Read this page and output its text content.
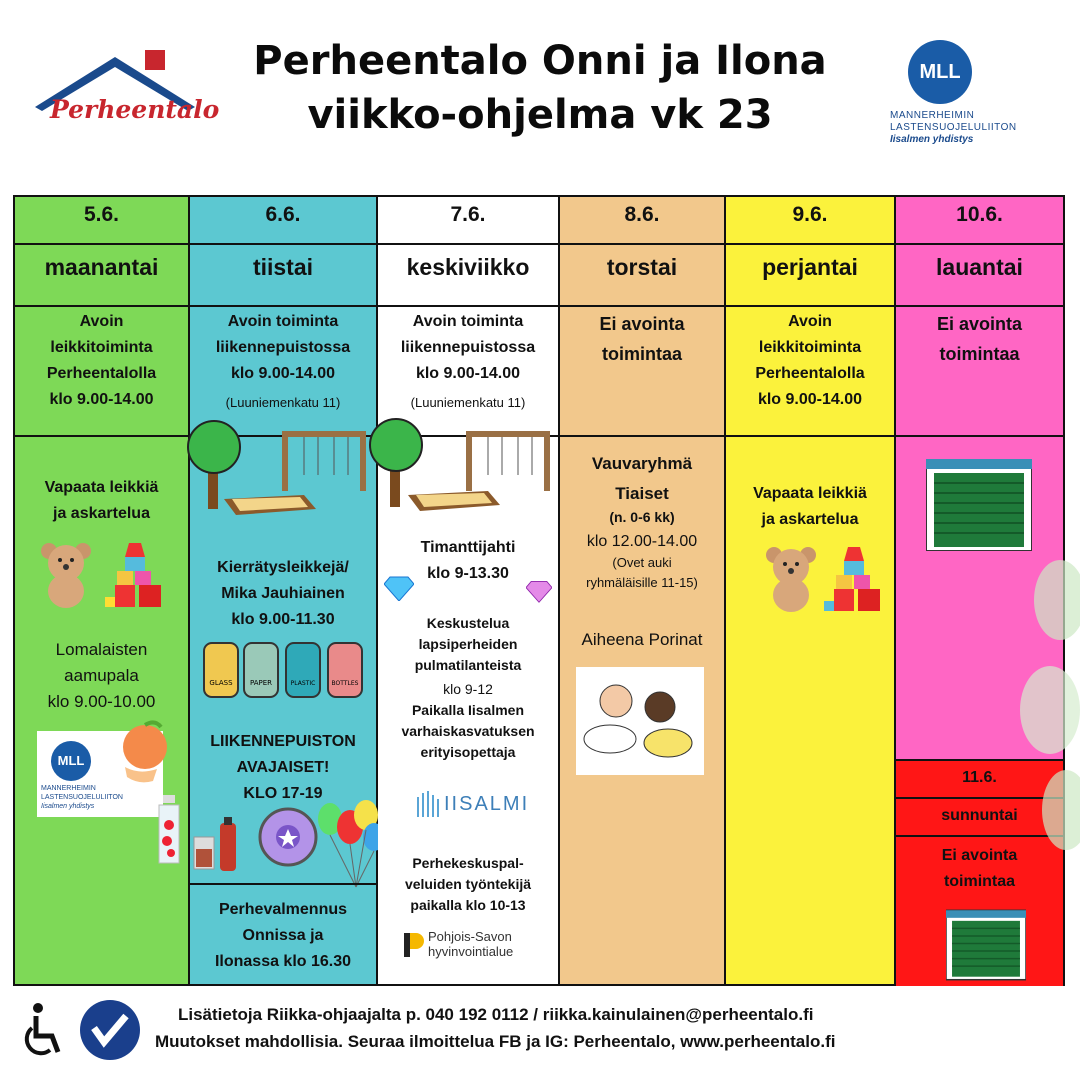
Perheentalo
Perheentalo Onni ja Ilona
viikko-ohjelma vk 23
MLL
MANNERHEIMIN
LASTENSUOJELULIITON
Iisalmen yhdistys
5.6.
maanantai
Avoin
leikkitoiminta
Perheentalolla
klo 9.00-14.00
Vapaata leikkiä
ja askartelua
Lomalaisten
aamupala
klo 9.00-10.00
MLL
MANNERHEIMIN
LASTENSUOJELULIITON
Iisalmen yhdistys
6.6.
tiistai
Avoin toiminta
liikennepuistossa
klo 9.00-14.00
(Luuniemenkatu 11)
Kierrätysleikkejä/
Mika Jauhiainen
klo 9.00-11.30
GLASS PAPER	PLASTIC	BOTTLES
LIIKENNEPUISTON
AVAJAISET!
KLO 17-19
Perhevalmennus
Onnissa ja
Ilonassa klo 16.30
7.6.
keskiviikko
Avoin toiminta
liikennepuistossa
klo 9.00-14.00
(Luuniemenkatu 11)
Timanttijahti
klo 9-13.30
Keskustelua
lapsiperheiden
pulmatilanteista
klo 9-12
Paikalla Iisalmen
varhaiskasvatuksen
erityisopettaja
IISALMI
Perhekeskuspal-
veluiden työntekijä
paikalla klo 10-13
Pohjois-Savon
hyvinvointialue
8.6.
torstai
Ei avointa
toimintaa
Vauvaryhmä
Tiaiset
(n. 0-6 kk)
klo 12.00-14.00
(Ovet auki
ryhmäläisille 11-15)
Aiheena Porinat
9.6.
perjantai
Avoin
leikkitoiminta
Perheentalolla
klo 9.00-14.00
Vapaata leikkiä
ja askartelua
10.6.
lauantai
Ei avointa
toimintaa
11.6.
sunnuntai
Ei avointa
toimintaa
Lisätietoja Riikka-ohjaajalta p. 040 192 0112 / riikka.kainulainen@perheentalo.fi
Muutokset mahdollisia. Seuraa ilmoittelua FB ja IG: Perheentalo, www.perheentalo.fi
